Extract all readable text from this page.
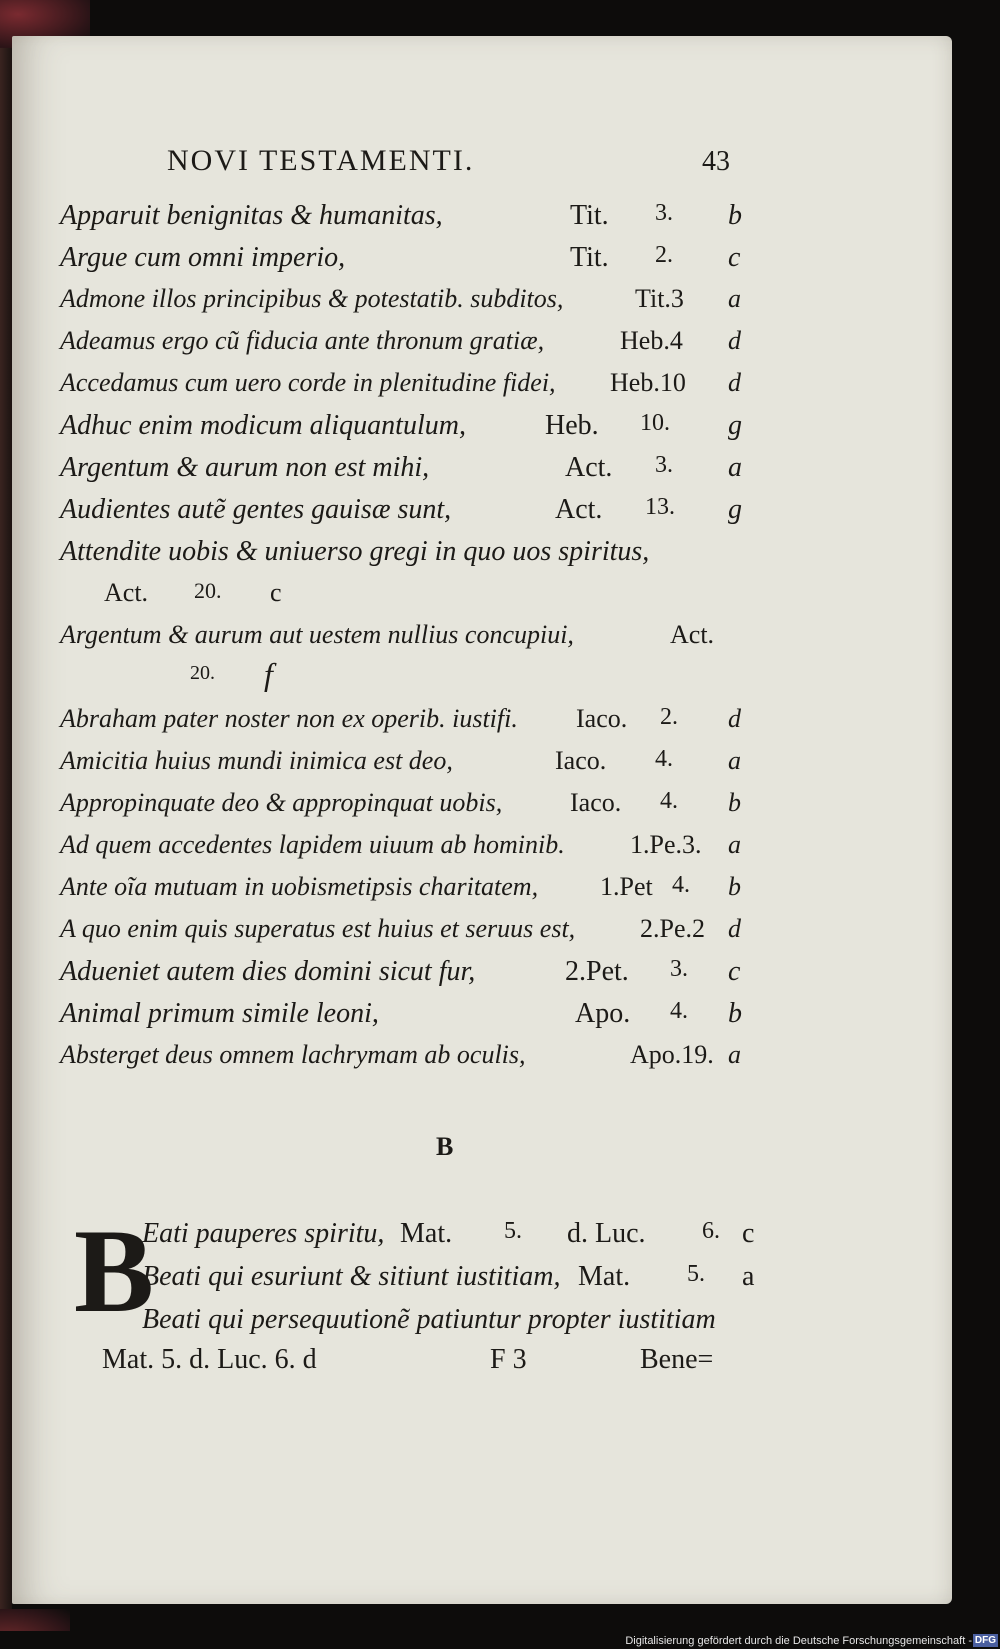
NOVI TESTAMENTI.	43
Apparuit benignitas & humanitas,	Tit. 3. b
Argue cum omni imperio,	Tit. 2. c
Admone illos principibus & potestatib. subditos,	Tit.3 a
Adeamus ergo cũ fiducia ante thronum gratiæ,	Heb.4 d
Accedamus cum uero corde in plenitudine fidei, Heb.10 d
Adhuc enim modicum aliquantulum,	Heb. 10. g
Argentum & aurum non est mihi,	Act. 3. a
Audientes autẽ gentes gauisæ sunt,	Act. 13. g
Attendite uobis & uniuerso gregi in quo uos spiritus,
Act. 20. c
Argentum & aurum aut uestem nullius concupiui,	Act.
20. f
Abraham pater noster non ex operib. iustifi. Iaco. 2. d
Amicitia huius mundi inimica est deo,	Iaco. 4. a
Appropinquate deo & appropinquat uobis,	Iaco. 4. b
Ad quem accedentes lapidem uiuum ab hominib.	1.Pe.3. a
Ante oĩa mutuam in uobismetipsis charitatem, 1.Pet 4. b
A quo enim quis superatus est huius et seruus est, 2.Pe.2 d
Adueniet autem dies domini sicut fur,	2.Pet. 3. c
Animal primum simile leoni,	Apo. 4. b
Absterget deus omnem lachrymam ab oculis,	Apo.19. a
B
B
Eati pauperes spiritu, Mat. 5. d. Luc. 6. c
Beati qui esuriunt & sitiunt iustitiam, Mat. 5. a
Beati qui persequutionẽ patiuntur propter iustitiam
Mat. 5. d. Luc. 6. d	F 3	Bene=
Digitalisierung gefördert durch die Deutsche Forschungsgemeinschaft - DFG
